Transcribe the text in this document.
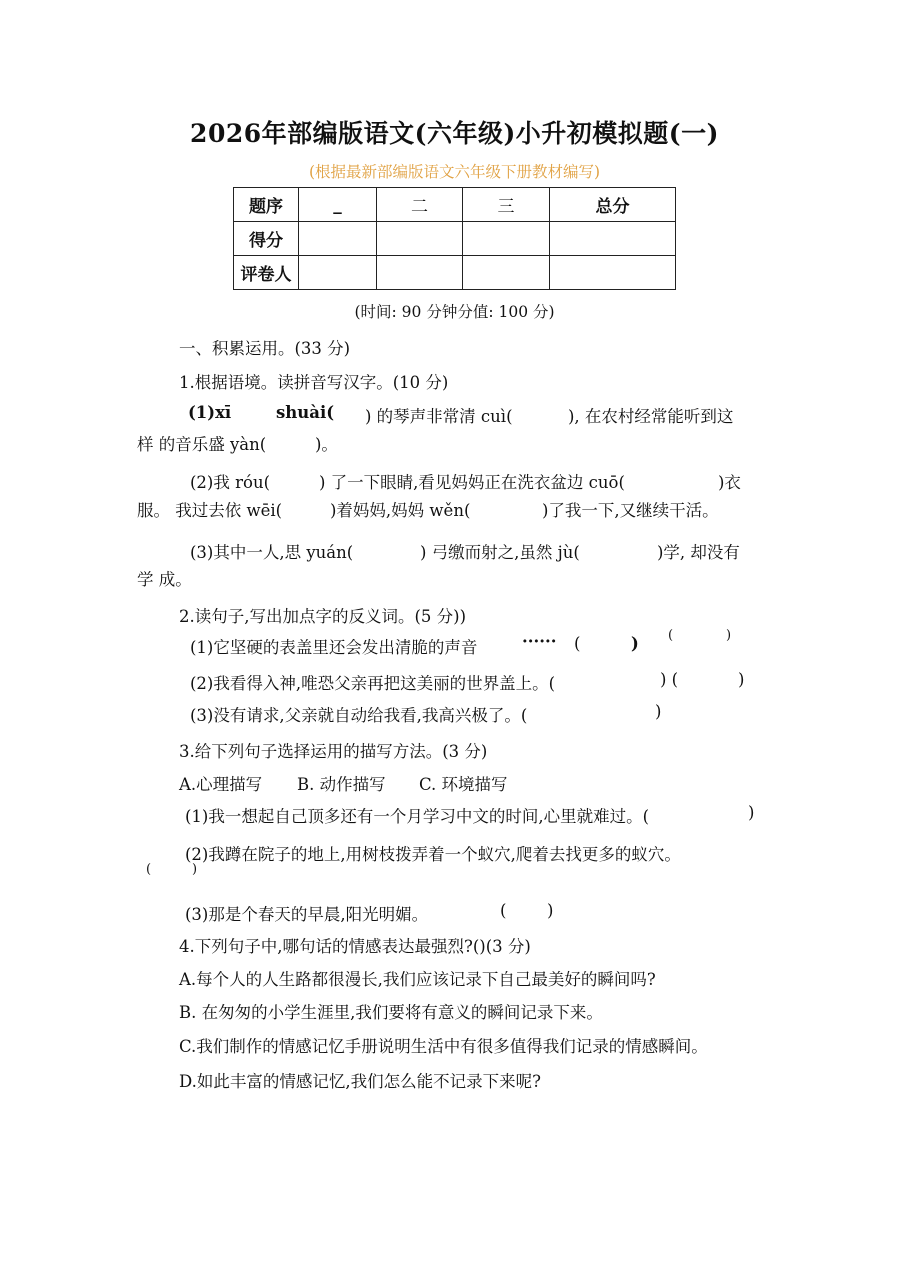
2026年部编版语文(六年级)小升初模拟题(一)
(根据最新部编版语文六年级下册教材编写)
题序	_	二	三	总分
得分				
评卷人				
(时间: 90 分钟分值: 100 分)
一、积累运用。(33 分)
1.根据语境。读拼音写汉字。(10 分)
(1)xī	shuài( ) 的琴声非常清 cuì(	), 在农村经常能听到这
样 的音乐盛 yàn(	)。
(2)我 róu(	) 了一下眼睛,看见妈妈正在洗衣盆边 cuō(	)衣
服。 我过去依 wēi(	)着妈妈,妈妈 wěn(	)了我一下,又继续干活。
(3)其中一人,思 yuán(	) 弓缴而射之,虽然 jù(	)学, 却没有
学 成。
2.读句子,写出加点字的反义词。(5 分))
(1)它坚硬的表盖里还会发出清脆的声音	······ (	) (	)
(2)我看得入神,唯恐父亲再把这美丽的世界盖上。(	) (	)
(3)没有请求,父亲就自动给我看,我高兴极了。(	)
3.给下列句子选择运用的描写方法。(3 分)
A.心理描写 B. 动作描写 C. 环境描写
(1)我一想起自己顶多还有一个月学习中文的时间,心里就难过。(	)
(2)我蹲在院子的地上,用树枝拨弄着一个蚁穴,爬着去找更多的蚁穴。
(	)
(3)那是个春天的早晨,阳光明媚。	( )
4.下列句子中,哪句话的情感表达最强烈?()(3 分)
A.每个人的人生路都很漫长,我们应该记录下自己最美好的瞬间吗?
B. 在匆匆的小学生涯里,我们要将有意义的瞬间记录下来。
C.我们制作的情感记忆手册说明生活中有很多值得我们记录的情感瞬间。
D.如此丰富的情感记忆,我们怎么能不记录下来呢?
